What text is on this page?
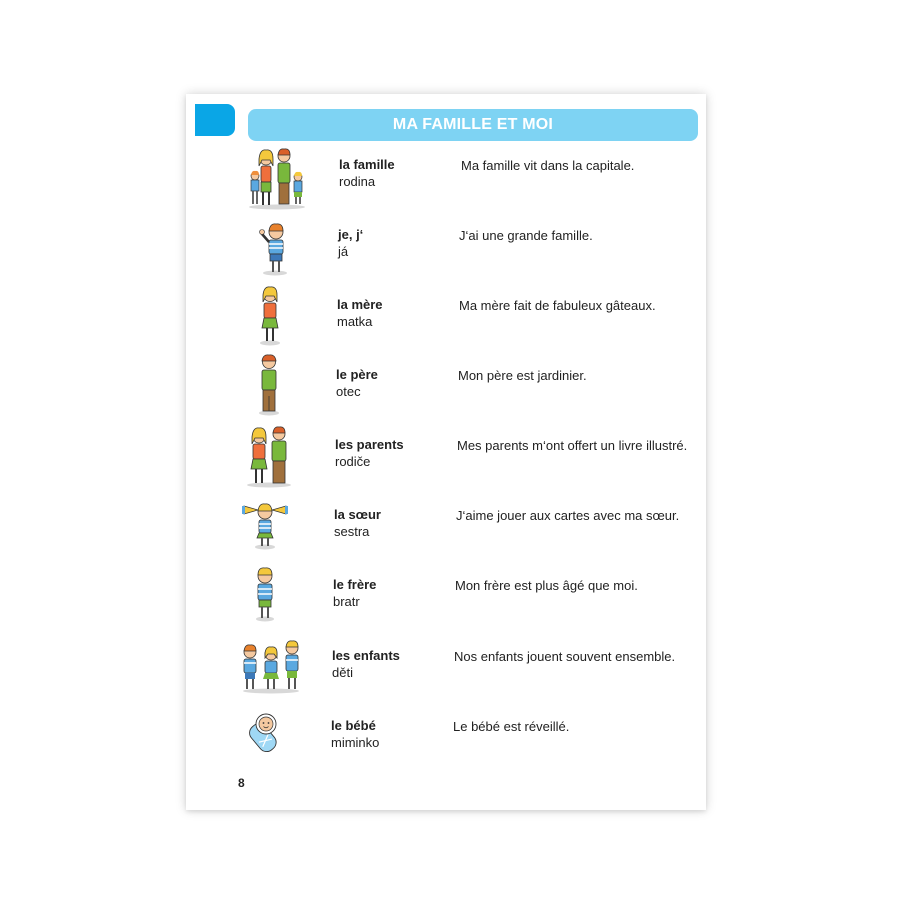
MA FAMILLE ET MOI
la famille
rodina
Ma famille vit dans la capitale.
je, j‘
já
J‘ai une grande famille.
la mère
matka
Ma mère fait de fabuleux gâteaux.
le père
otec
Mon père est jardinier.
les parents
rodiče
Mes parents m‘ont offert un livre illustré.
la sœur
sestra
J‘aime jouer aux cartes avec ma sœur.
le frère
bratr
Mon frère est plus âgé que moi.
les enfants
děti
Nos enfants jouent souvent ensemble.
le bébé
miminko
Le bébé est réveillé.
8
